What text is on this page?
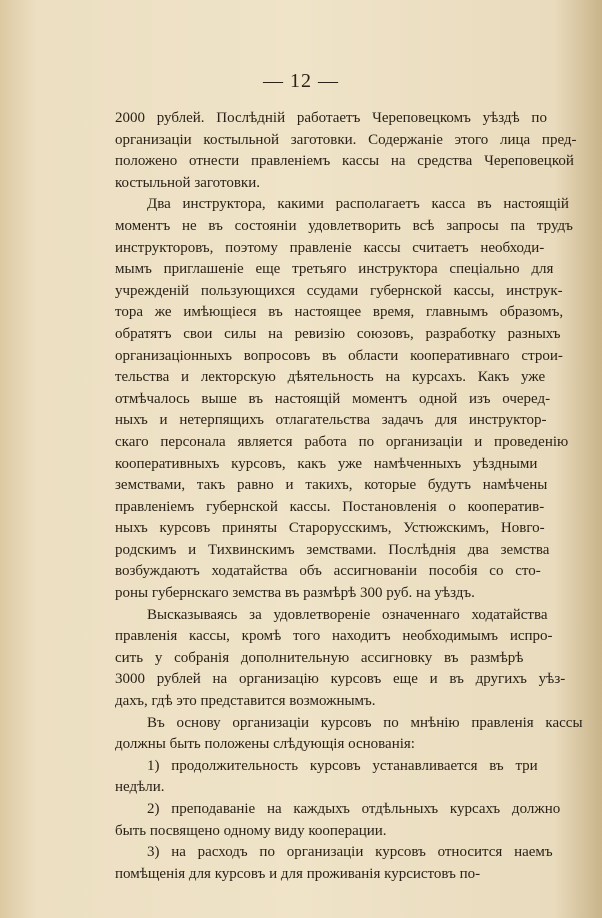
— 12 —
2000 рублей. Послѣдній работаетъ Череповецкомъ уѣздѣ по
организаціи костыльной заготовки. Содержаніе этого лица пред-
положено отнести правленіемъ кассы на средства Череповецкой
костыльной заготовки.
Два инструктора, какими располагаетъ касса въ настоящій
моментъ не въ состояніи удовлетворить всѣ запросы па трудъ
инструкторовъ, поэтому правленіе кассы считаетъ необходи-
мымъ приглашеніе еще третьяго инструктора спеціально для
учрежденій пользующихся ссудами губернской кассы, инструк-
тора же имѣющіеся въ настоящее время, главнымъ образомъ,
обратятъ свои силы на ревизію союзовъ, разработку разныхъ
организаціонныхъ вопросовъ въ области кооперативнаго строи-
тельства и лекторскую дѣятельность на курсахъ. Какъ уже
отмѣчалось выше въ настоящій моментъ одной изъ очеред-
ныхъ и нетерпящихъ отлагательства задачъ для инструктор-
скаго персонала является работа по организаціи и проведенію
кооперативныхъ курсовъ, какъ уже намѣченныхъ уѣздными
земствами, такъ равно и такихъ, которые будутъ намѣчены
правленіемъ губернской кассы. Постановленія о кооператив-
ныхъ курсовъ приняты Старорусскимъ, Устюжскимъ, Новго-
родскимъ и Тихвинскимъ земствами. Послѣднія два земства
возбуждаютъ ходатайства объ ассигнованіи пособія со сто-
роны губернскаго земства въ размѣрѣ 300 руб. на уѣздъ.
Высказываясь за удовлетвореніе означеннаго ходатайства
правленія кассы, кромѣ того находитъ необходимымъ испро-
сить у собранія дополнительную ассигновку въ размѣрѣ
3000 рублей на организацію курсовъ еще и въ другихъ уѣз-
дахъ, гдѣ это представится возможнымъ.
Въ основу организаціи курсовъ по мнѣнію правленія кассы
должны быть положены слѣдующія основанія:
1) продолжительность курсовъ устанавливается въ три
недѣли.
2) преподаваніе на каждыхъ отдѣльныхъ курсахъ должно
быть посвящено одному виду кооперации.
3) на расходъ по организаціи курсовъ относится наемъ
помѣщенія для курсовъ и для проживанія курсистовъ по-
